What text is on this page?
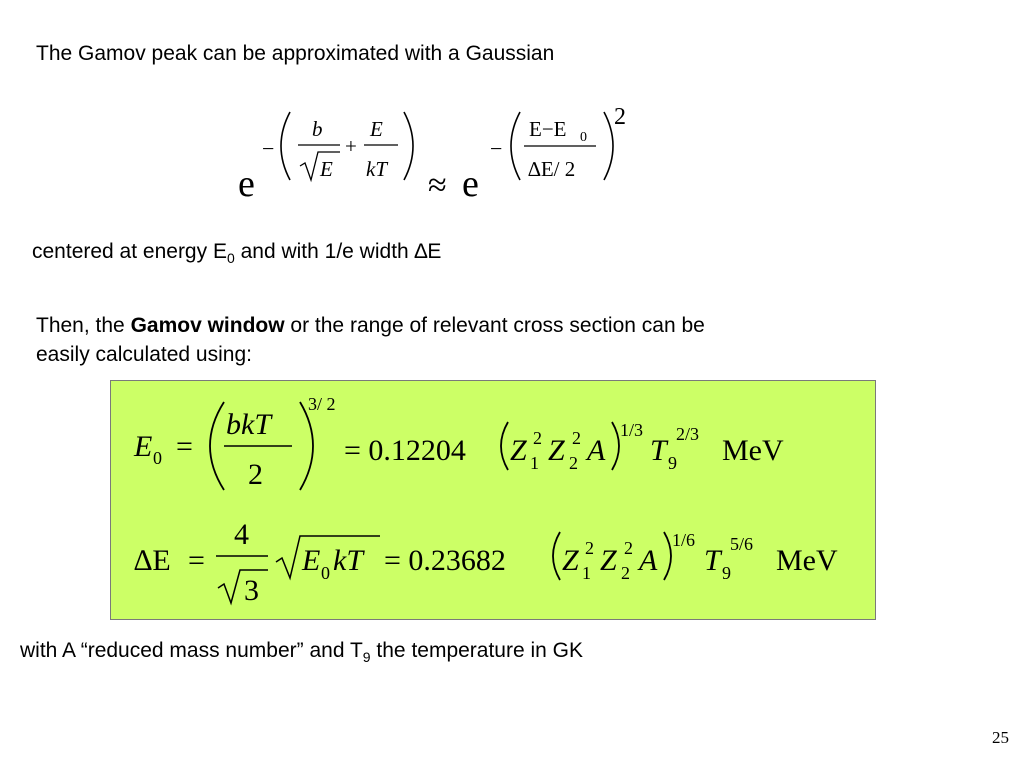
The Gamov peak can be approximated with a Gaussian
e
−
b
E
+
E
kT ≈ e
−
E−E 0
∆E/ 2
2
centered at energy $E_0$ and with 1/e width ∆E
Then, the Gamov window or the range of relevant cross section can be
easily calculated using:
E 0 =
bkT
2
3/ 2
= 0.12204 Z 2
1 Z 2
2 A
1/3
T 9
2/3 MeV
∆E =
4
3
E 0 kT = 0.23682 Z 2
1 Z 2
2 A
1/6
T 9
5/6 MeV
with A “reduced mass number” and $T_9$ the temperature in GK
25
